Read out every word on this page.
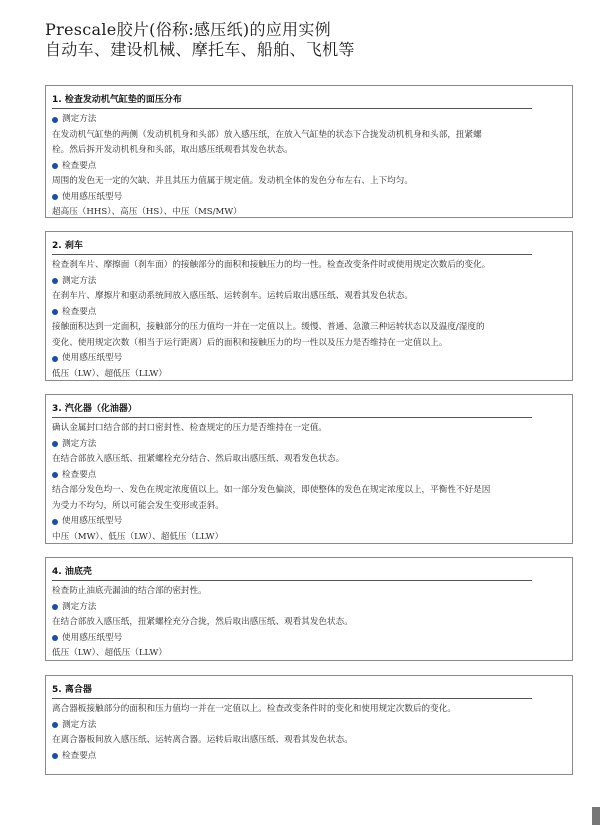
Prescale胶片(俗称:感压纸)的应用实例
自动车、建设机械、摩托车、船舶、飞机等
1. 检查发动机气缸垫的面压分布
测定方法
在发动机气缸垫的两侧（发动机机身和头部）放入感压纸，在放入气缸垫的状态下合拢发动机机身和头部，扭紧螺
栓。然后拆开发动机机身和头部，取出感压纸观看其发色状态。
检查要点
周围的发色无一定的欠缺、并且其压力值属于规定值。发动机全体的发色分布左右、上下均匀。
使用感压纸型号
超高压（HHS）、高压（HS）、中压（MS/MW）
2. 刹车
检查刹车片、摩擦面（刹车面）的接触部分的面积和接触压力的均一性。检查改变条件时或使用规定次数后的变化。
测定方法
在刹车片、摩擦片和驱动系统间放入感压纸、运转刹车。运转后取出感压纸、观看其发色状态。
检查要点
接触面积达到一定面积，接触部分的压力值均一并在一定值以上。缓慢、普通、急激三种运转状态以及温度/湿度的
变化、使用规定次数（相当于运行距离）后的面积和接触压力的均一性以及压力是否维持在一定值以上。
使用感压纸型号
低压（LW）、超低压（LLW）
3. 汽化器（化油器）
确认金属封口结合部的封口密封性、检查规定的压力是否维持在一定值。
测定方法
在结合部放入感压纸、扭紧螺栓充分结合、然后取出感压纸、观看发色状态。
检查要点
结合部分发色均一、发色在规定浓度值以上。如一部分发色偏淡，即使整体的发色在规定浓度以上，平衡性不好是因
为受力不均匀，所以可能会发生变形或歪斜。
使用感压纸型号
中压（MW）、低压（LW）、超低压（LLW）
4. 油底壳
检查防止油底壳漏油的结合部的密封性。
测定方法
在结合部放入感压纸，扭紧螺栓充分合拢，然后取出感压纸、观看其发色状态。
使用感压纸型号
低压（LW）、超低压（LLW）
5. 离合器
离合器板接触部分的面积和压力值均一并在一定值以上。检查改变条件时的变化和使用规定次数后的变化。
测定方法
在离合器板间放入感压纸、运转离合器。运转后取出感压纸、观看其发色状态。
检查要点
